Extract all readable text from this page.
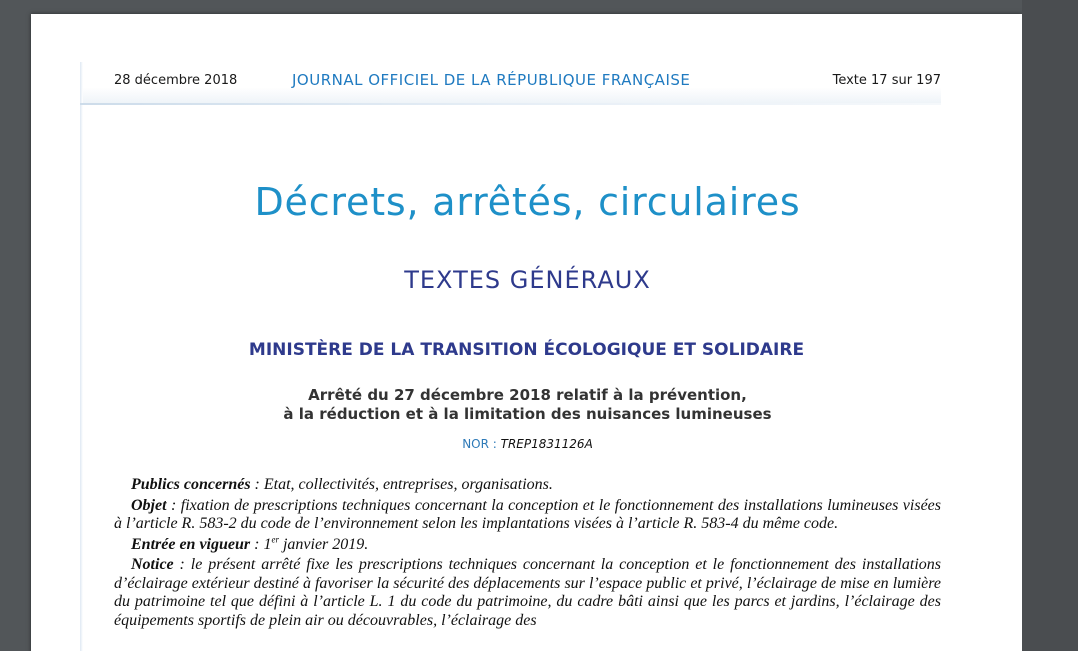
28 décembre 2018	JOURNAL OFFICIEL DE LA RÉPUBLIQUE FRANÇAISE	Texte 17 sur 197
Décrets, arrêtés, circulaires
TEXTES GÉNÉRAUX
MINISTÈRE DE LA TRANSITION ÉCOLOGIQUE ET SOLIDAIRE
Arrêté du 27 décembre 2018 relatif à la prévention,
à la réduction et à la limitation des nuisances lumineuses
NOR : TREP1831126A

Publics concernés : Etat, collectivités, entreprises, organisations.

Objet : fixation de prescriptions techniques concernant la conception et le fonctionnement des installations lumineuses visées à l’article R. 583-2 du code de l’environnement selon les implantations visées à l’article R. 583-4 du même code.

Entrée en vigueur : 1er janvier 2019.

Notice : le présent arrêté fixe les prescriptions techniques concernant la conception et le fonctionnement des installations d’éclairage extérieur destiné à favoriser la sécurité des déplacements sur l’espace public et privé, l’éclairage de mise en lumière du patrimoine tel que défini à l’article L. 1 du code du patrimoine, du cadre bâti ainsi que les parcs et jardins, l’éclairage des équipements sportifs de plein air ou découvrables, l’éclairage des
